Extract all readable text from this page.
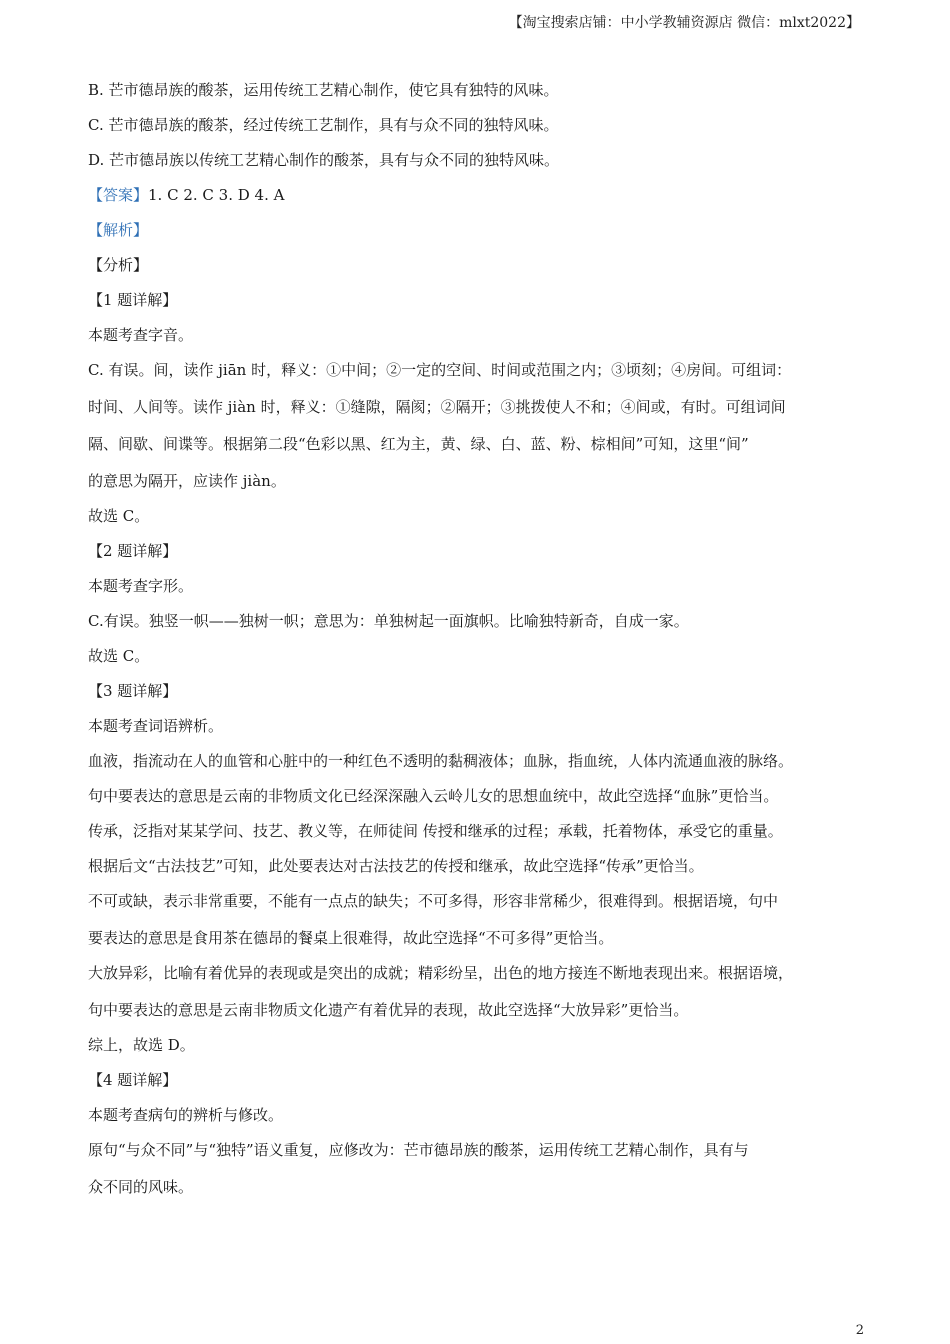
【淘宝搜索店铺：中小学教辅资源店 微信：mlxt2022】
B. 芒市德昂族的酸茶，运用传统工艺精心制作，使它具有独特的风味。
C. 芒市德昂族的酸茶，经过传统工艺制作，具有与众不同的独特风味。
D. 芒市德昂族以传统工艺精心制作的酸茶，具有与众不同的独特风味。
【答案】1. C 2. C 3. D 4. A
【解析】
【分析】
【1 题详解】
本题考查字音。
C. 有误。间，读作 jiān 时，释义：①中间；②一定的空间、时间或范围之内；③顷刻；④房间。可组词：
时间、人间等。读作 jiàn 时，释义：①缝隙，隔阂；②隔开；③挑拨使人不和；④间或，有时。可组词间
隔、间歇、间谍等。根据第二段“色彩以黑、红为主，黄、绿、白、蓝、粉、棕相间”可知，这里“间”
的意思为隔开，应读作 jiàn。
故选 C。
【2 题详解】
本题考查字形。
C.有误。独竖一帜——独树一帜；意思为：单独树起一面旗帜。比喻独特新奇，自成一家。
故选 C。
【3 题详解】
本题考查词语辨析。
血液，指流动在人的血管和心脏中的一种红色不透明的黏稠液体；血脉，指血统，人体内流通血液的脉络。
句中要表达的意思是云南的非物质文化已经深深融入云岭儿女的思想血统中，故此空选择“血脉”更恰当。
传承，泛指对某某学问、技艺、教义等，在师徒间 传授和继承的过程；承载，托着物体，承受它的重量。
根据后文“古法技艺”可知，此处要表达对古法技艺的传授和继承，故此空选择“传承”更恰当。
不可或缺，表示非常重要，不能有一点点的缺失；不可多得，形容非常稀少，很难得到。根据语境，句中
要表达的意思是食用茶在德昂的餐桌上很难得，故此空选择“不可多得”更恰当。
大放异彩，比喻有着优异的表现或是突出的成就；精彩纷呈，出色的地方接连不断地表现出来。根据语境，
句中要表达的意思是云南非物质文化遗产有着优异的表现，故此空选择“大放异彩”更恰当。
综上，故选 D。
【4 题详解】
本题考查病句的辨析与修改。
原句“与众不同”与“独特”语义重复，应修改为：芒市德昂族的酸茶，运用传统工艺精心制作，具有与
众不同的风味。
2
